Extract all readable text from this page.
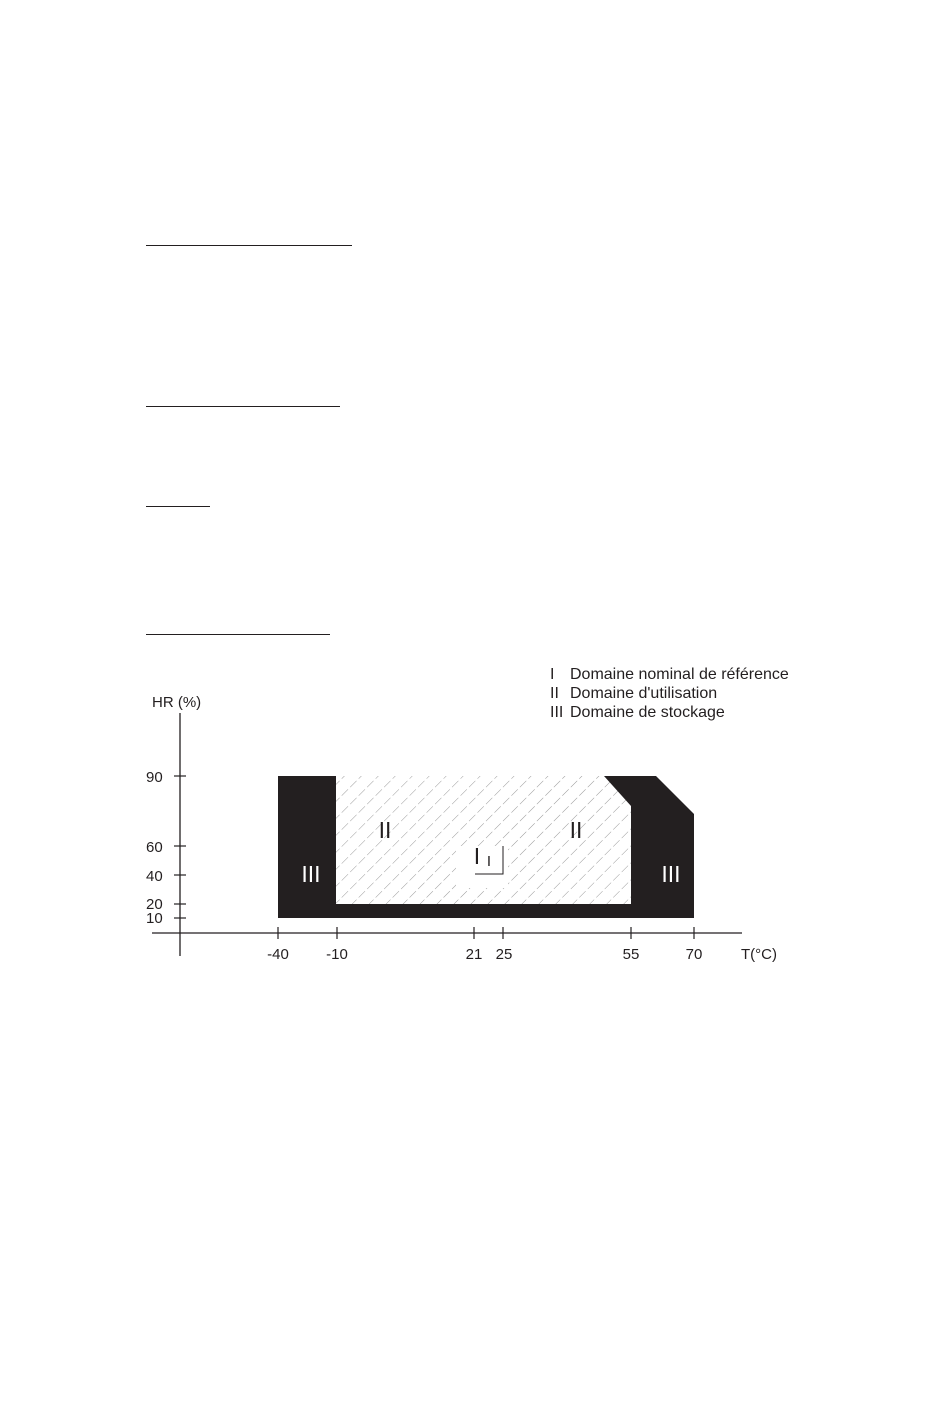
I Domaine nominal de référence
II Domaine d'utilisation
III Domaine de stockage
90
60
40
20
10
-40 -10	21 25	55	70
HR (%)
T(°C)
III	III
II	II
I I
